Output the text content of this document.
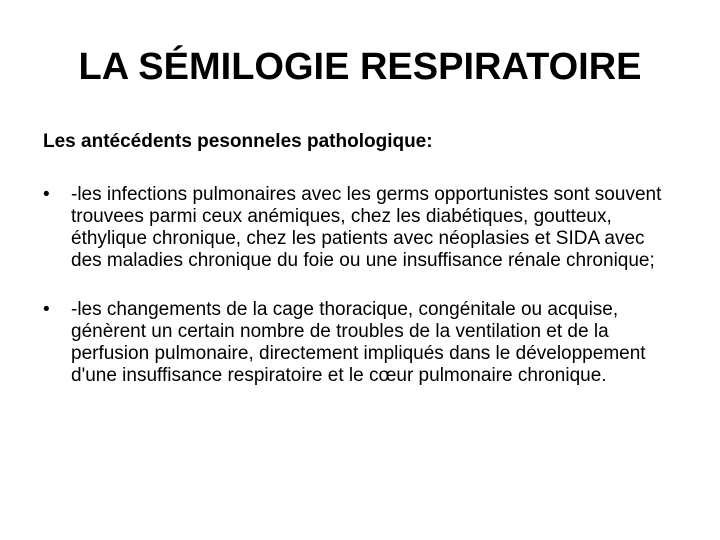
LA SÉMILOGIE RESPIRATOIRE

Les antécédents pesonneles pathologique:

• -les infections pulmonaires avec les germs opportunistes sont souvent trouvees parmi ceux anémiques, chez les diabétiques, goutteux, éthylique chronique, chez les patients avec néoplasies et SIDA avec des maladies chronique du foie ou une insuffisance rénale chronique;
• -les changements de la cage thoracique, congénitale ou acquise, génèrent un certain nombre de troubles de la ventilation et de la perfusion pulmonaire, directement impliqués dans le développement d'une insuffisance respiratoire et le cœur pulmonaire chronique.
